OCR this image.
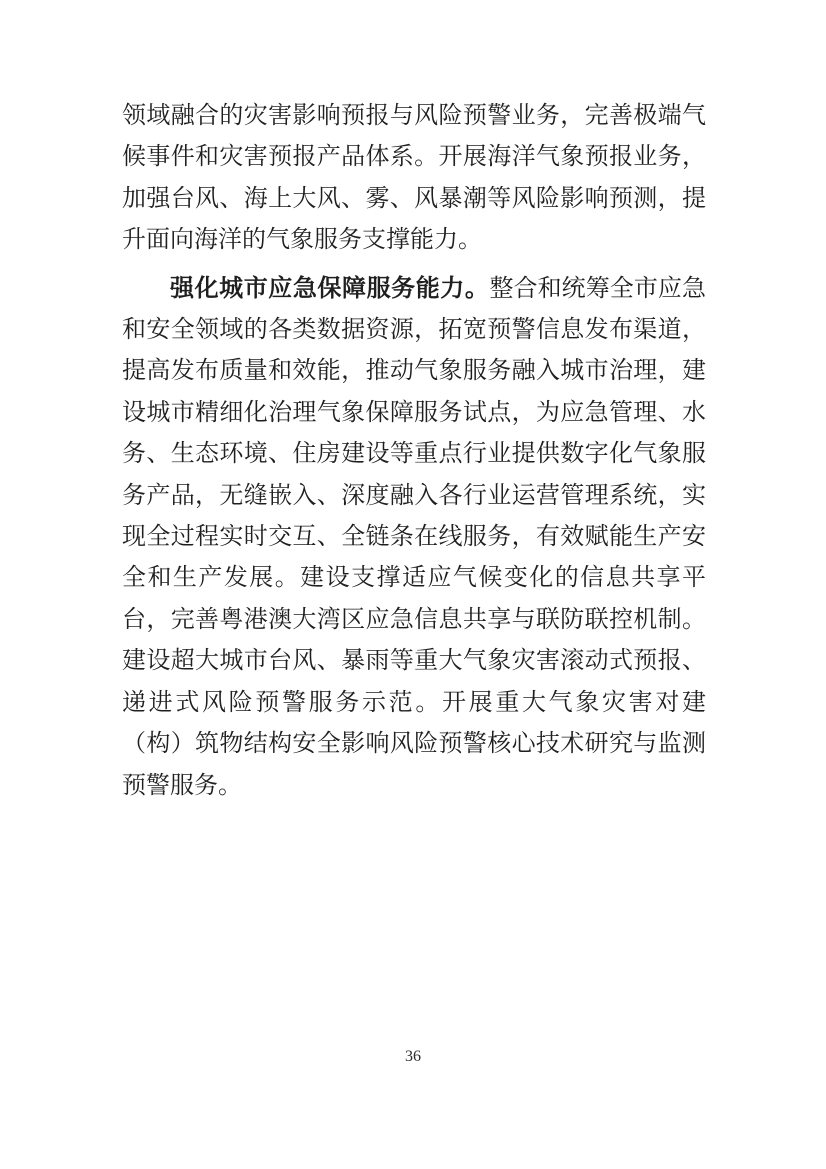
领域融合的灾害影响预报与风险预警业务，完善极端气候事件和灾害预报产品体系。开展海洋气象预报业务，加强台风、海上大风、雾、风暴潮等风险影响预测，提升面向海洋的气象服务支撑能力。

强化城市应急保障服务能力。整合和统筹全市应急和安全领域的各类数据资源，拓宽预警信息发布渠道，提高发布质量和效能，推动气象服务融入城市治理，建设城市精细化治理气象保障服务试点，为应急管理、水务、生态环境、住房建设等重点行业提供数字化气象服务产品，无缝嵌入、深度融入各行业运营管理系统，实现全过程实时交互、全链条在线服务，有效赋能生产安全和生产发展。建设支撑适应气候变化的信息共享平台，完善粤港澳大湾区应急信息共享与联防联控机制。建设超大城市台风、暴雨等重大气象灾害滚动式预报、递进式风险预警服务示范。开展重大气象灾害对建（构）筑物结构安全影响风险预警核心技术研究与监测预警服务。

36
